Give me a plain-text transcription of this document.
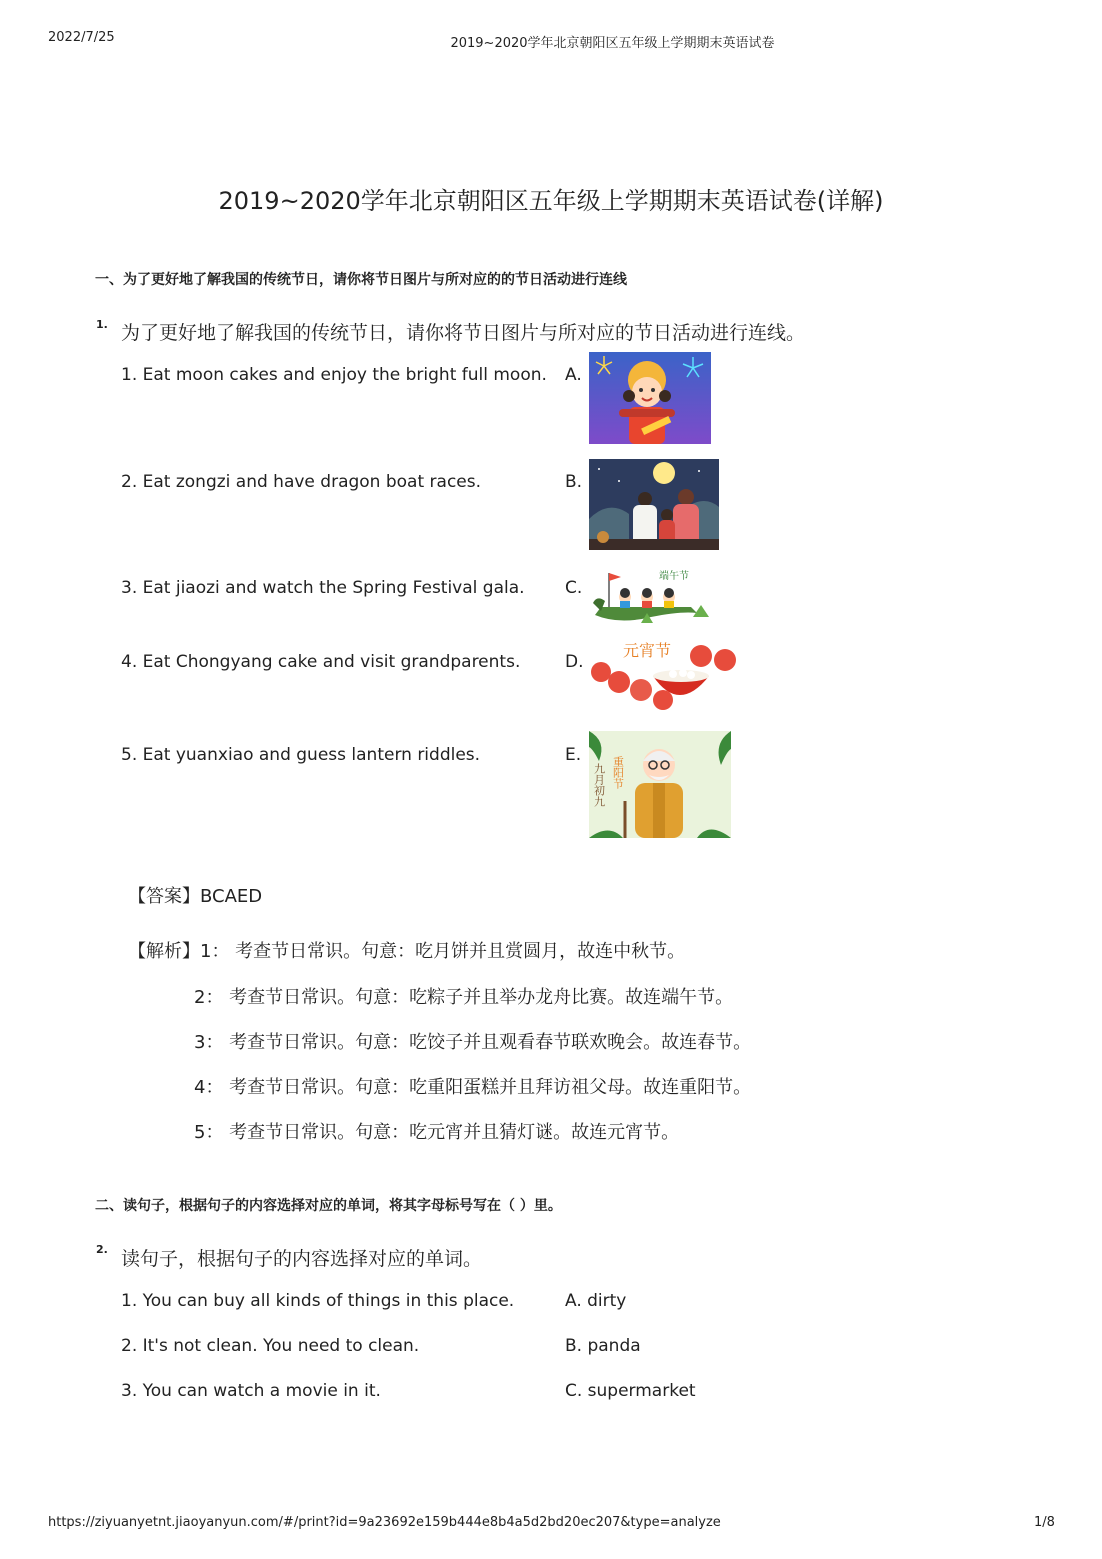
2022/7/25	2019~2020学年北京朝阳区五年级上学期期末英语试卷
2019~2020学年北京朝阳区五年级上学期期末英语试卷(详解)
一、为了更好地了解我国的传统节日，请你将节日图片与所对应的的节日活动进行连线
1. 为了更好地了解我国的传统节日，请你将节日图片与所对应的节日活动进行连线。
1. Eat moon cakes and enjoy the bright full moon.
2. Eat zongzi and have dragon boat races.
3. Eat jiaozi and watch the Spring Festival gala.
4. Eat Chongyang cake and visit grandparents.
5. Eat yuanxiao and guess lantern riddles.
A.
B.
C.
D.
E.
端午节
元宵节
九月初九 重阳节
【答案】BCAED
【解析】1： 考查节日常识。句意：吃月饼并且赏圆月，故连中秋节。
2： 考查节日常识。句意：吃粽子并且举办龙舟比赛。故连端午节。
3： 考查节日常识。句意：吃饺子并且观看春节联欢晚会。故连春节。
4： 考查节日常识。句意：吃重阳蛋糕并且拜访祖父母。故连重阳节。
5： 考查节日常识。句意：吃元宵并且猜灯谜。故连元宵节。
二、读句子，根据句子的内容选择对应的单词，将其字母标号写在（ ）里。
2. 读句子，根据句子的内容选择对应的单词。
1. You can buy all kinds of things in this place.
2. It's not clean. You need to clean.
3. You can watch a movie in it.
A. dirty
B. panda
C. supermarket
https://ziyuanyetnt.jiaoyanyun.com/#/print?id=9a23692e159b444e8b4a5d2bd20ec207&type=analyze	1/8
